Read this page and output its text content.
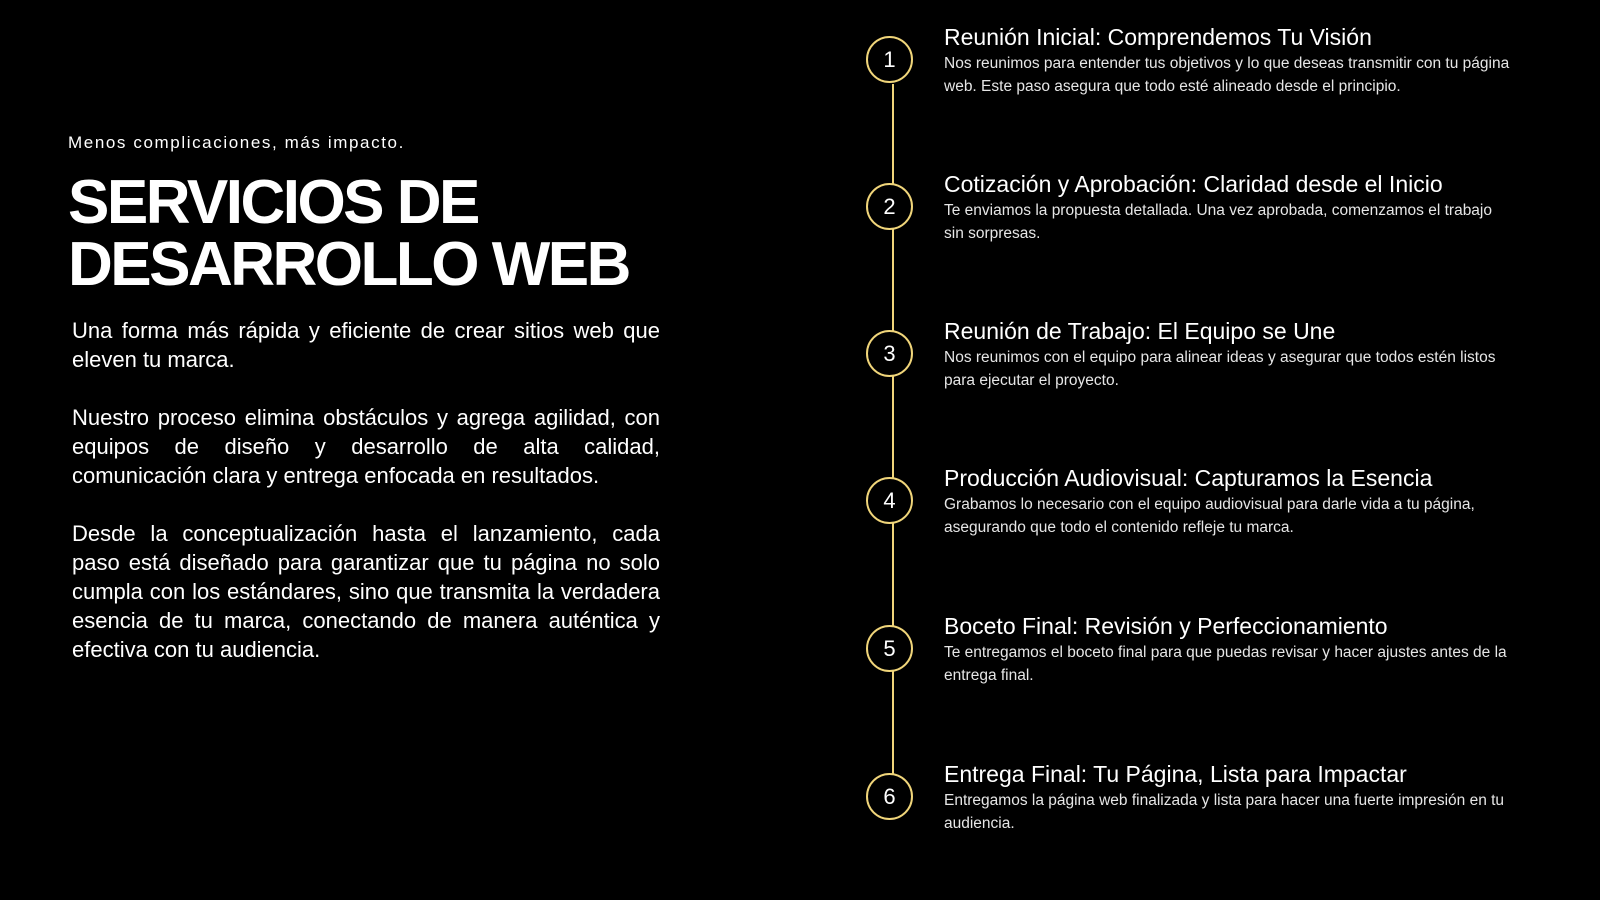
Menos complicaciones, más impacto.
SERVICIOS DE
DESARROLLO WEB

Una forma más rápida y eficiente de crear sitios web que eleven tu marca.

Nuestro proceso elimina obstáculos y agrega agilidad, con equipos de diseño y desarrollo de alta calidad, comunicación clara y entrega enfocada en resultados.

Desde la conceptualización hasta el lanzamiento, cada paso está diseñado para garantizar que tu página no solo cumpla con los estándares, sino que transmita la verdadera esencia de tu marca, conectando de manera auténtica y efectiva con tu audiencia.

1
Reunión Inicial: Comprendemos Tu Visión
Nos reunimos para entender tus objetivos y lo que deseas transmitir con tu página web. Este paso asegura que todo esté alineado desde el principio.
2
Cotización y Aprobación: Claridad desde el Inicio
Te enviamos la propuesta detallada. Una vez aprobada, comenzamos el trabajo sin sorpresas.
3
Reunión de Trabajo: El Equipo se Une
Nos reunimos con el equipo para alinear ideas y asegurar que todos estén listos para ejecutar el proyecto.
4
Producción Audiovisual: Capturamos la Esencia
Grabamos lo necesario con el equipo audiovisual para darle vida a tu página, asegurando que todo el contenido refleje tu marca.
5
Boceto Final: Revisión y Perfeccionamiento
Te entregamos el boceto final para que puedas revisar y hacer ajustes antes de la entrega final.
6
Entrega Final: Tu Página, Lista para Impactar
Entregamos la página web finalizada y lista para hacer una fuerte impresión en tu audiencia.
